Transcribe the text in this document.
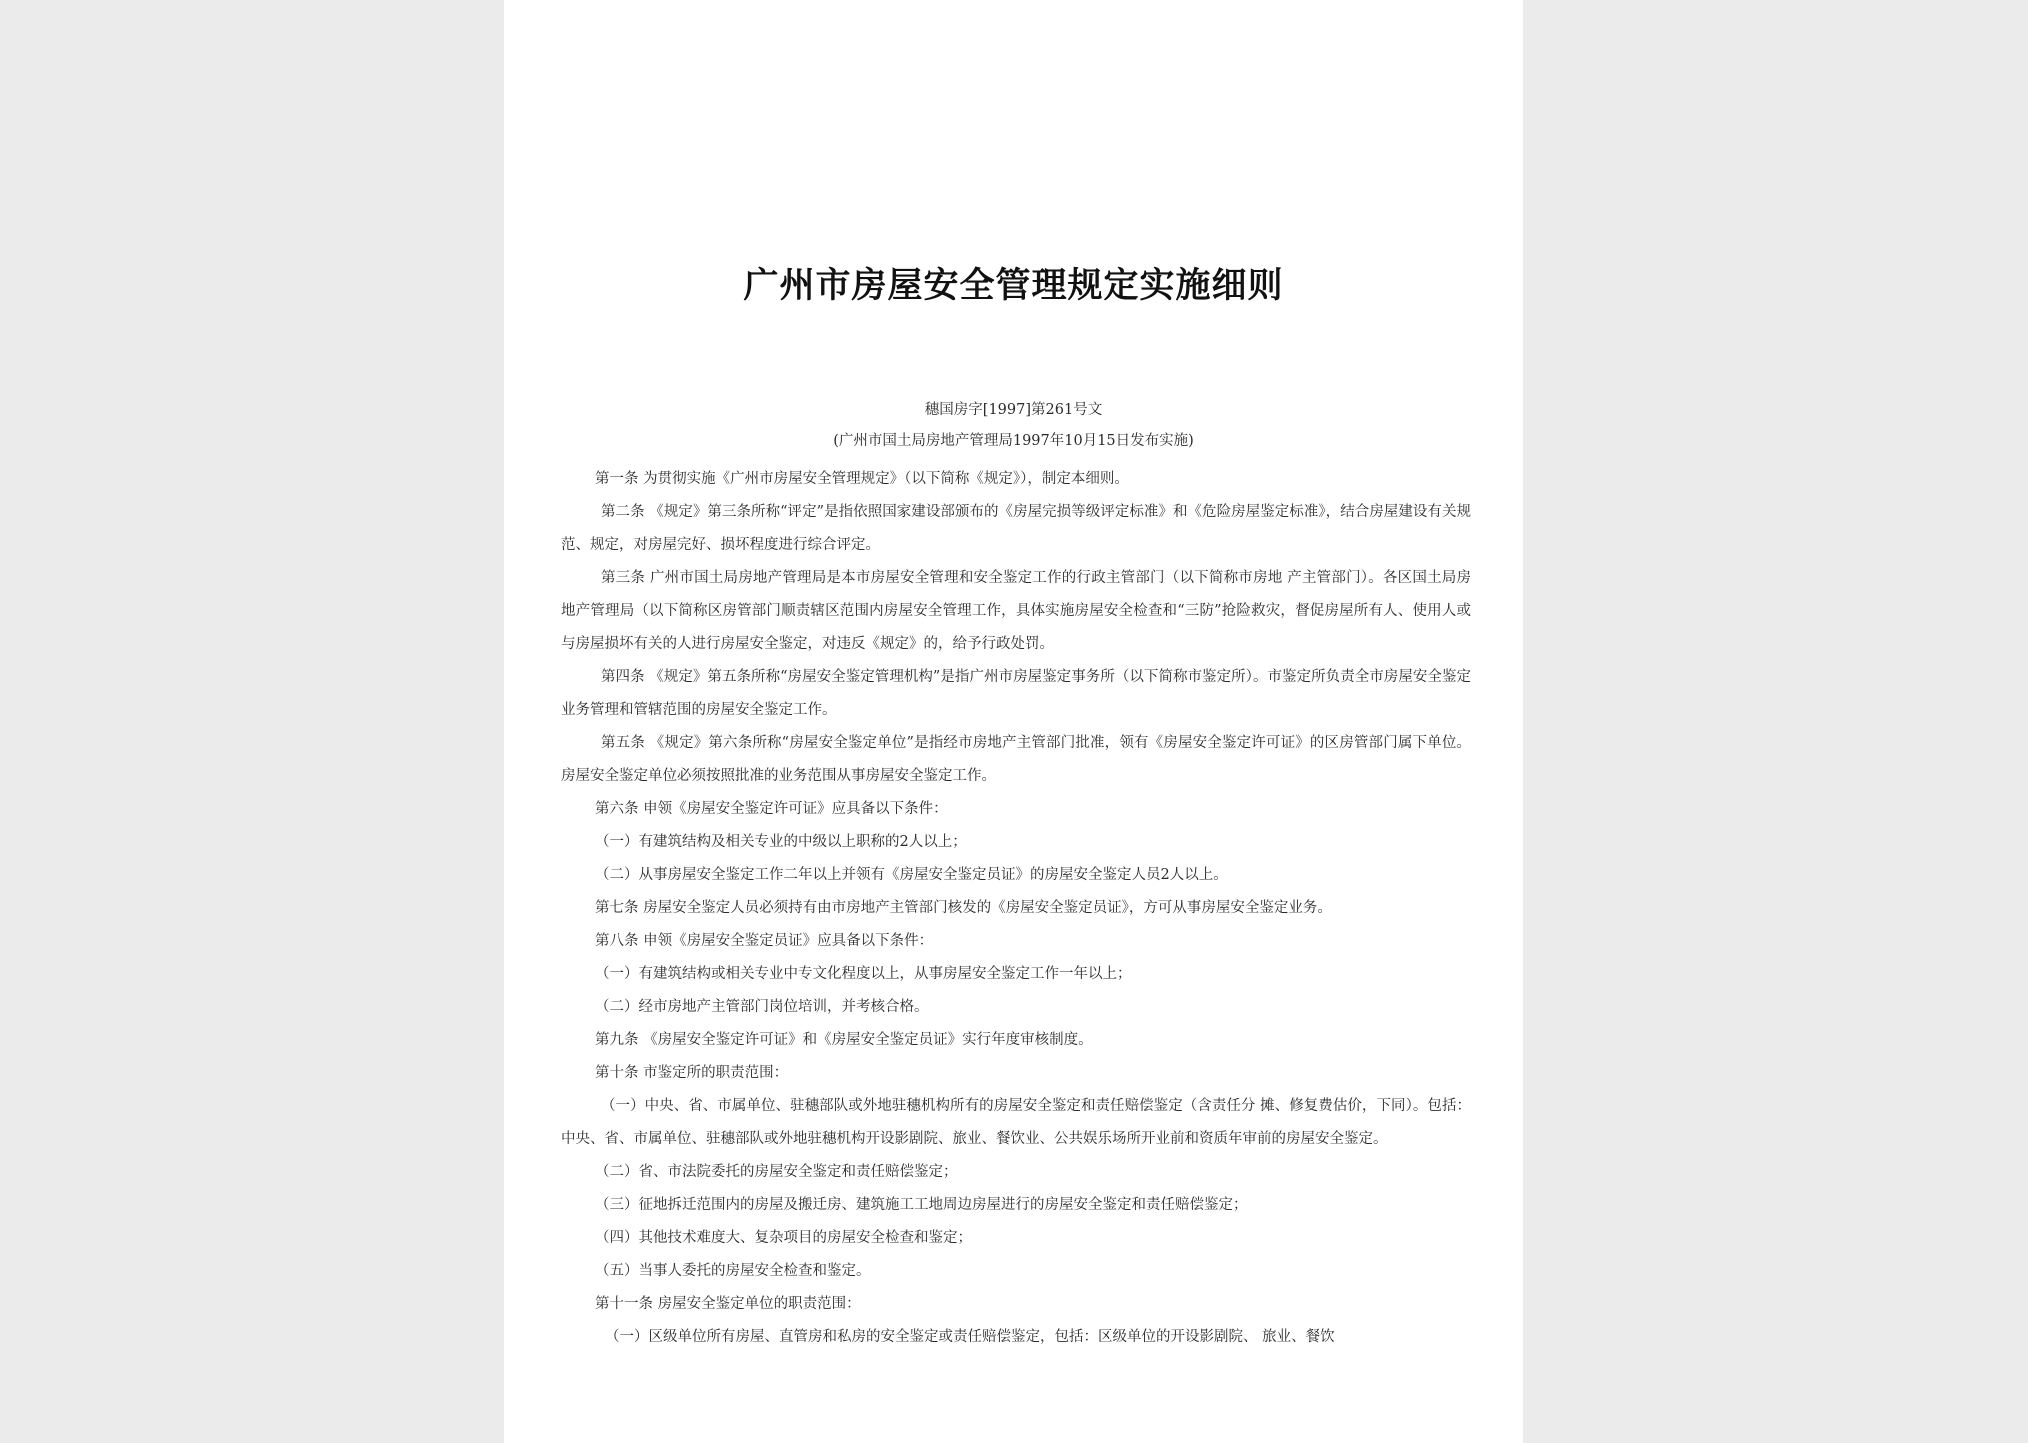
广州市房屋安全管理规定实施细则

穗国房字[1997]第261号文

(广州市国土局房地产管理局1997年10月15日发布实施)

第一条 为贯彻实施《广州市房屋安全管理规定》（以下简称《规定》），制定本细则。

第二条 《规定》第三条所称“评定”是指依照国家建设部颁布的《房屋完损等级评定标准》和《危险房屋鉴定标准》，结合房屋建设有关规范、规定，对房屋完好、损坏程度进行综合评定。

第三条 广州市国土局房地产管理局是本市房屋安全管理和安全鉴定工作的行政主管部门（以下简称市房地 产主管部门）。各区国土局房地产管理局（以下简称区房管部门顺责辖区范围内房屋安全管理工作，具体实施房屋安全检查和“三防”抢险救灾，督促房屋所有人、使用人或与房屋损坏有关的人进行房屋安全鉴定，对违反《规定》的，给予行政处罚。

第四条 《规定》第五条所称“房屋安全鉴定管理机构”是指广州市房屋鉴定事务所（以下简称市鉴定所）。市鉴定所负责全市房屋安全鉴定业务管理和管辖范围的房屋安全鉴定工作。

第五条 《规定》第六条所称“房屋安全鉴定单位”是指经市房地产主管部门批准，领有《房屋安全鉴定许可证》的区房管部门属下单位。房屋安全鉴定单位必须按照批准的业务范围从事房屋安全鉴定工作。

第六条 申领《房屋安全鉴定许可证》应具备以下条件：

（一）有建筑结构及相关专业的中级以上职称的2人以上；

（二）从事房屋安全鉴定工作二年以上并领有《房屋安全鉴定员证》的房屋安全鉴定人员2人以上。

第七条 房屋安全鉴定人员必须持有由市房地产主管部门核发的《房屋安全鉴定员证》，方可从事房屋安全鉴定业务。

第八条 申领《房屋安全鉴定员证》应具备以下条件：

（一）有建筑结构或相关专业中专文化程度以上，从事房屋安全鉴定工作一年以上；

（二）经市房地产主管部门岗位培训，并考核合格。

第九条 《房屋安全鉴定许可证》和《房屋安全鉴定员证》实行年度审核制度。

第十条 市鉴定所的职责范围：

（一）中央、省、市属单位、驻穗部队或外地驻穗机构所有的房屋安全鉴定和责任赔偿鉴定（含责任分 摊、修复费估价，下同）。包括：中央、省、市属单位、驻穗部队或外地驻穗机构开设影剧院、旅业、餐饮业、公共娱乐场所开业前和资质年审前的房屋安全鉴定。

（二）省、市法院委托的房屋安全鉴定和责任赔偿鉴定；

（三）征地拆迁范围内的房屋及搬迁房、建筑施工工地周边房屋进行的房屋安全鉴定和责任赔偿鉴定；

（四）其他技术难度大、复杂项目的房屋安全检查和鉴定；

（五）当事人委托的房屋安全检查和鉴定。

第十一条 房屋安全鉴定单位的职责范围：

（一）区级单位所有房屋、直管房和私房的安全鉴定或责任赔偿鉴定，包括：区级单位的开设影剧院、 旅业、餐饮
